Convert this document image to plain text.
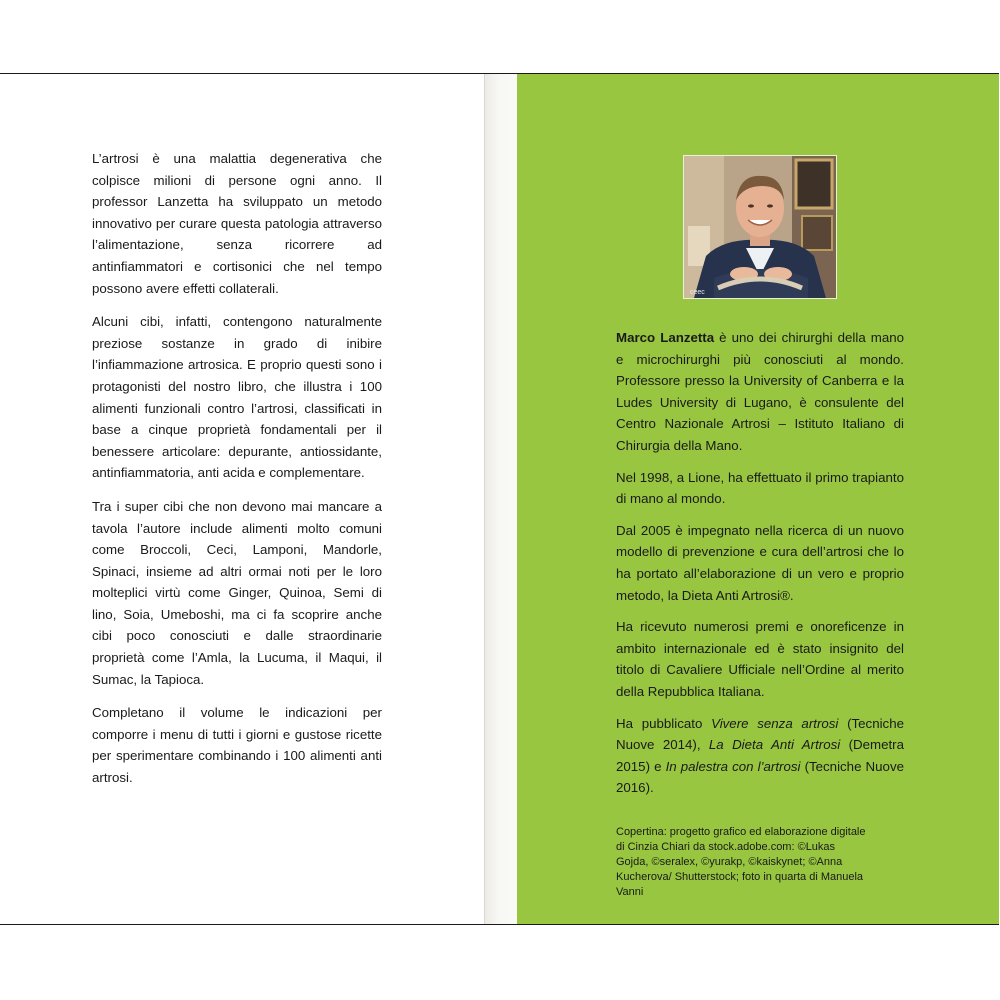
L’artrosi è una malattia degenerativa che colpisce milioni di persone ogni anno. Il professor Lanzetta ha sviluppato un metodo innovativo per curare questa patologia attraverso l’alimentazione, senza ricorrere ad antinfiammatori e cortisonici che nel tempo possono avere effetti collaterali.

Alcuni cibi, infatti, contengono naturalmente preziose sostanze in grado di inibire l’infiammazione artrosica. E proprio questi sono i protagonisti del nostro libro, che illustra i 100 alimenti funzionali contro l’artrosi, classificati in base a cinque proprietà fondamentali per il benessere articolare: depurante, antiossidante, antinfiammatoria, anti acida e complementare.

Tra i super cibi che non devono mai mancare a tavola l’autore include alimenti molto comuni come Broccoli, Ceci, Lamponi, Mandorle, Spinaci, insieme ad altri ormai noti per le loro molteplici virtù come Ginger, Quinoa, Semi di lino, Soia, Umeboshi, ma ci fa scoprire anche cibi poco conosciuti e dalle straordinarie proprietà come l’Amla, la Lucuma, il Maqui, il Sumac, la Tapioca.

Completano il volume le indicazioni per comporre i menu di tutti i giorni e gustose ricette per sperimentare combinando i 100 alimenti anti artrosi.

ceec

Marco Lanzetta è uno dei chirurghi della mano e microchirurghi più conosciuti al mondo. Professore presso la University of Canberra e la Ludes University di Lugano, è consulente del Centro Nazionale Artrosi – Istituto Italiano di Chirurgia della Mano.

Nel 1998, a Lione, ha effettuato il primo trapianto di mano al mondo.

Dal 2005 è impegnato nella ricerca di un nuovo modello di prevenzione e cura dell’artrosi che lo ha portato all’elaborazione di un vero e proprio metodo, la Dieta Anti Artrosi®.

Ha ricevuto numerosi premi e onoreficenze in ambito internazionale ed è stato insignito del titolo di Cavaliere Ufficiale nell’Ordine al merito della Repubblica Italiana.

Ha pubblicato Vivere senza artrosi (Tecniche Nuove 2014), La Dieta Anti Artrosi (Demetra 2015) e In palestra con l’artrosi (Tecniche Nuove 2016).

Copertina: progetto grafico ed elaborazione digitale di Cinzia Chiari da stock.adobe.com: ©Lukas Gojda, ©seralex, ©yurakp, ©kaiskynet; ©Anna Kucherova/ Shutterstock; foto in quarta di Manuela Vanni
